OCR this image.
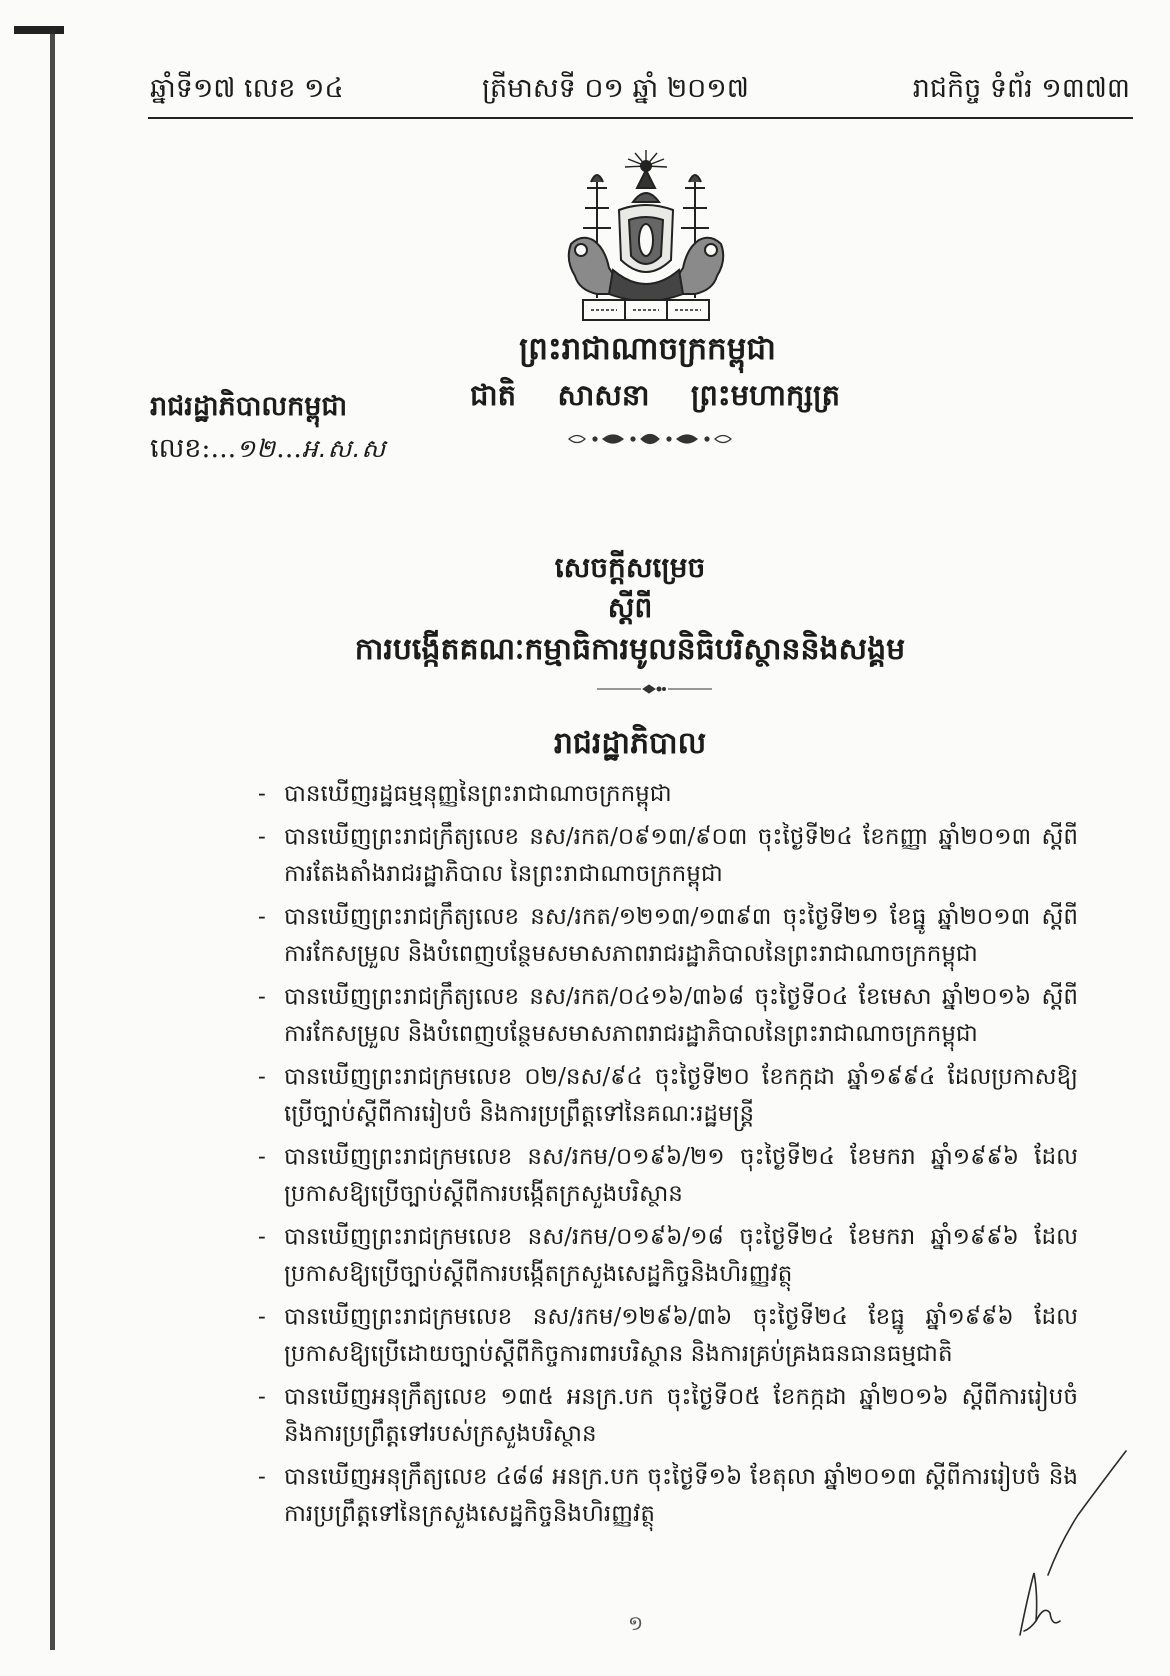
ឆ្នាំទី១៧ លេខ ១៤	ត្រីមាសទី ០១ ឆ្នាំ ២០១៧	រាជកិច្ច ទំព័រ ១៣៧៣
ព្រះរាជាណាចក្រកម្ពុជា
ជាតិ សាសនា ព្រះមហាក្សត្រ
រាជរដ្ឋាភិបាលកម្ពុជា
លេខ:...១២...អ.ស.ស
សេចក្តីសម្រេច
ស្តីពី
ការបង្កើតគណៈកម្មាធិការមូលនិធិបរិស្ថាននិងសង្គម
រាជរដ្ឋាភិបាល
- បានឃើញរដ្ឋធម្មនុញ្ញនៃព្រះរាជាណាចក្រកម្ពុជា
- បានឃើញព្រះរាជក្រឹត្យលេខ នស/រកត/០៩១៣/៩០៣ ចុះថ្ងៃទី២៤ ខែកញ្ញា ឆ្នាំ២០១៣ ស្តីពីការតែងតាំងរាជរដ្ឋាភិបាល នៃព្រះរាជាណាចក្រកម្ពុជា
- បានឃើញព្រះរាជក្រឹត្យលេខ នស/រកត/១២១៣/១៣៩៣ ចុះថ្ងៃទី២១ ខែធ្នូ ឆ្នាំ២០១៣ ស្តីពីការកែសម្រួល និងបំពេញបន្ថែមសមាសភាពរាជរដ្ឋាភិបាលនៃព្រះរាជាណាចក្រកម្ពុជា
- បានឃើញព្រះរាជក្រឹត្យលេខ នស/រកត/០៤១៦/៣៦៨ ចុះថ្ងៃទី០៤ ខែមេសា ឆ្នាំ២០១៦ ស្តីពីការកែសម្រួល និងបំពេញបន្ថែមសមាសភាពរាជរដ្ឋាភិបាលនៃព្រះរាជាណាចក្រកម្ពុជា
- បានឃើញព្រះរាជក្រមលេខ ០២/នស/៩៤ ចុះថ្ងៃទី២០ ខែកក្កដា ឆ្នាំ១៩៩៤ ដែលប្រកាសឱ្យប្រើច្បាប់ស្តីពីការរៀបចំ និងការប្រព្រឹត្តទៅនៃគណៈរដ្ឋមន្ត្រី
- បានឃើញព្រះរាជក្រមលេខ នស/រកម/០១៩៦/២១ ចុះថ្ងៃទី២៤ ខែមករា ឆ្នាំ១៩៩៦ ដែលប្រកាសឱ្យប្រើច្បាប់ស្តីពីការបង្កើតក្រសួងបរិស្ថាន
- បានឃើញព្រះរាជក្រមលេខ នស/រកម/០១៩៦/១៨ ចុះថ្ងៃទី២៤ ខែមករា ឆ្នាំ១៩៩៦ ដែលប្រកាសឱ្យប្រើច្បាប់ស្តីពីការបង្កើតក្រសួងសេដ្ឋកិច្ចនិងហិរញ្ញវត្ថុ
- បានឃើញព្រះរាជក្រមលេខ នស/រកម/១២៩៦/៣៦ ចុះថ្ងៃទី២៤ ខែធ្នូ ឆ្នាំ១៩៩៦ ដែលប្រកាសឱ្យប្រើដោយច្បាប់ស្តីពីកិច្ចការពារបរិស្ថាន និងការគ្រប់គ្រងធនធានធម្មជាតិ
- បានឃើញអនុក្រឹត្យលេខ ១៣៥ អនក្រ.បក ចុះថ្ងៃទី០៥ ខែកក្កដា ឆ្នាំ២០១៦ ស្តីពីការរៀបចំ និងការប្រព្រឹត្តទៅរបស់ក្រសួងបរិស្ថាន
- បានឃើញអនុក្រឹត្យលេខ ៤៨៨ អនក្រ.បក ចុះថ្ងៃទី១៦ ខែតុលា ឆ្នាំ២០១៣ ស្តីពីការរៀបចំ និងការប្រព្រឹត្តទៅនៃក្រសួងសេដ្ឋកិច្ចនិងហិរញ្ញវត្ថុ
១
